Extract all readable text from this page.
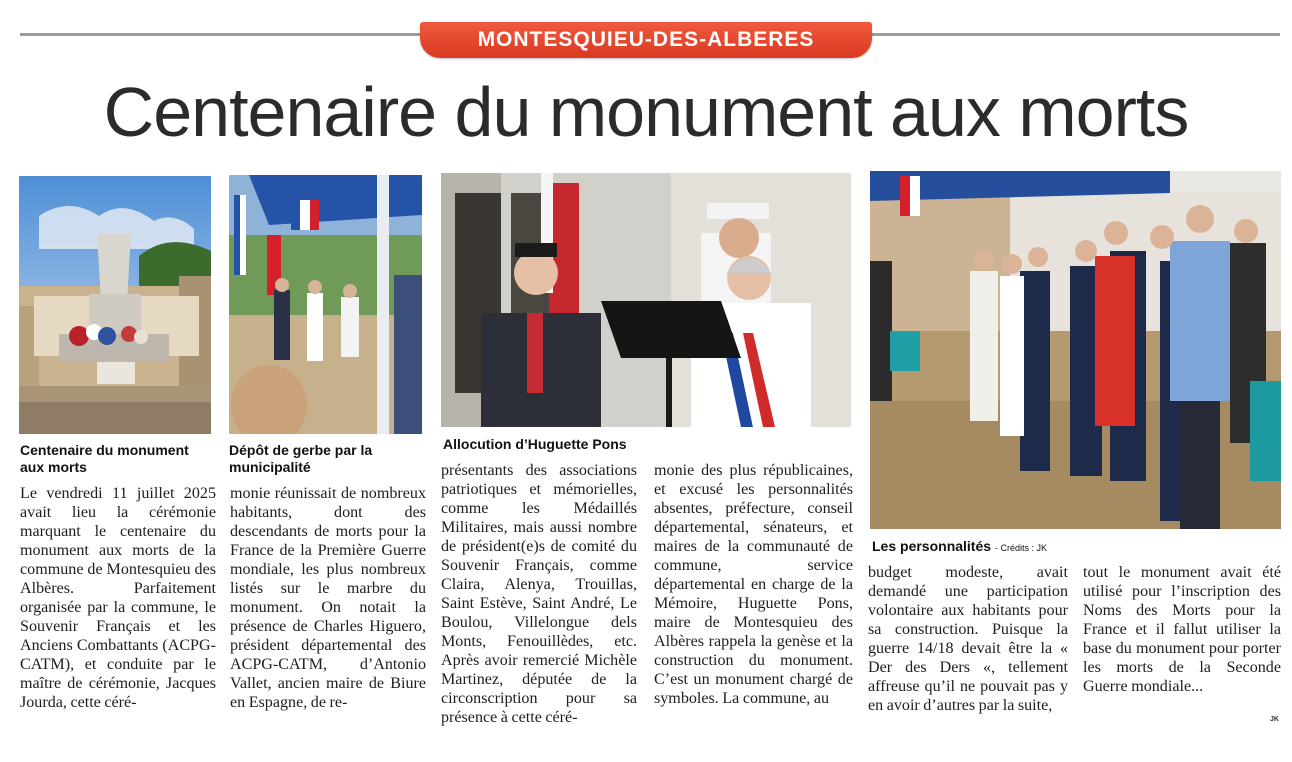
MONTESQUIEU-DES-ALBERES
Centenaire du monument aux morts

Centenaire du monument aux morts

Dépôt de gerbe par la municipalité

Allocution d’Huguette Pons

Les personnalités - Crédits : JK

Le vendredi 11 juillet 2025 avait lieu la cérémonie marquant le centenaire du monument aux morts de la commune de Montesquieu des Albères. Parfaitement organisée par la commune, le Souvenir Français et les Anciens Combattants (ACPG-CATM), et conduite par le maître de cérémonie, Jacques Jourda, cette céré-

monie réunissait de nombreux habitants, dont des descendants de morts pour la France de la Première Guerre mondiale, les plus nombreux listés sur le marbre du monument. On notait la présence de Charles Higuero, président départemental des ACPG-CATM, d’Antonio Vallet, ancien maire de Biure en Espagne, de re-

présentants des associations patriotiques et mémorielles, comme les Médaillés Militaires, mais aussi nombre de président(e)s de comité du Souvenir Français, comme Claira, Alenya, Trouillas, Saint Estève, Saint André, Le Boulou, Villelongue dels Monts, Fenouillèdes, etc. Après avoir remercié Michèle Martinez, députée de la circonscription pour sa présence à cette céré-

monie des plus républicaines, et excusé les personnalités absentes, préfecture, conseil départemental, sénateurs, et maires de la communauté de commune, service départemental en charge de la Mémoire, Huguette Pons, maire de Montesquieu des Albères rappela la genèse et la construction du monument. C’est un monument chargé de symboles. La commune, au

budget modeste, avait demandé une participation volontaire aux habitants pour sa construction. Puisque la guerre 14/18 devait être la « Der des Ders «, tellement affreuse qu’il ne pouvait pas y en avoir d’autres par la suite,

tout le monument avait été utilisé pour l’inscription des Noms des Morts pour la France et il fallut utiliser la base du monument pour porter les morts de la Seconde Guerre mondiale...

JK
